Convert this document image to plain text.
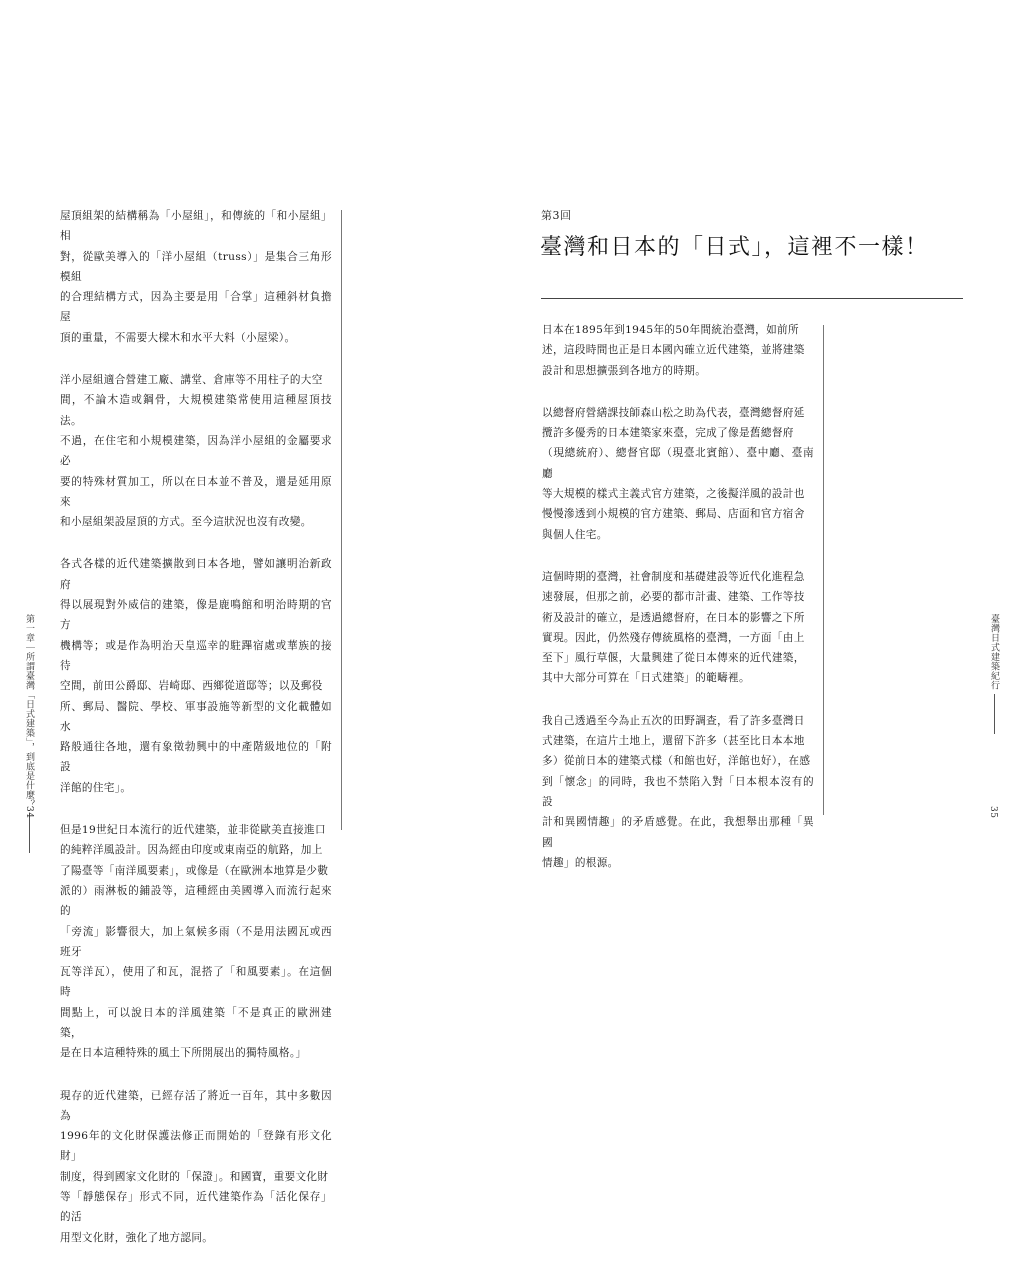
第一章｜所謂臺灣「日式建築」，到底是什麼？
34

屋頂組架的結構稱為「小屋組」，和傳統的「和小屋組」相
對，從歐美導入的「洋小屋組（truss）」是集合三角形模組
的合理結構方式，因為主要是用「合掌」這種斜材負擔屋
頂的重量，不需要大樑木和水平大料（小屋梁）。

洋小屋組適合營建工廠、講堂、倉庫等不用柱子的大空
間，不論木造或鋼骨，大規模建築常使用這種屋頂技法。
不過，在住宅和小規模建築，因為洋小屋組的金屬要求必
要的特殊材質加工，所以在日本並不普及，還是延用原來
和小屋組架設屋頂的方式。至今這狀況也沒有改變。

各式各樣的近代建築擴散到日本各地，譬如讓明治新政府
得以展現對外威信的建築，像是鹿鳴館和明治時期的官方
機構等；或是作為明治天皇巡幸的駐蹕宿處或華族的接待
空間，前田公爵邸、岩崎邸、西鄉從道邸等；以及郵役
所、郵局、醫院、學校、軍事設施等新型的文化載體如水
路般通往各地，還有象徵勃興中的中產階級地位的「附設
洋館的住宅」。

但是19世紀日本流行的近代建築，並非從歐美直接進口
的純粹洋風設計。因為經由印度或東南亞的航路，加上
了陽臺等「南洋風要素」，或像是（在歐洲本地算是少數
派的）雨淋板的鋪設等，這種經由美國導入而流行起來的
「旁流」影響很大，加上氣候多雨（不是用法國瓦或西班牙
瓦等洋瓦），使用了和瓦，混搭了「和風要素」。在這個時
間點上，可以說日本的洋風建築「不是真正的歐洲建築，
是在日本這種特殊的風土下所開展出的獨特風格。」

現存的近代建築，已經存活了將近一百年，其中多數因為
1996年的文化財保護法修正而開始的「登錄有形文化財」
制度，得到國家文化財的「保證」。和國寶，重要文化財
等「靜態保存」形式不同，近代建築作為「活化保存」的活
用型文化財，強化了地方認同。

第3回
臺灣和日本的「日式」，這裡不一樣！

日本在1895年到1945年的50年間統治臺灣，如前所
述，這段時間也正是日本國內確立近代建築，並將建築
設計和思想擴張到各地方的時期。

以總督府營繕課技師森山松之助為代表，臺灣總督府延
攬許多優秀的日本建築家來臺，完成了像是舊總督府
（現總統府）、總督官邸（現臺北賓館）、臺中廳、臺南廳
等大規模的樣式主義式官方建築，之後擬洋風的設計也
慢慢滲透到小規模的官方建築、郵局、店面和官方宿舍
與個人住宅。

這個時期的臺灣，社會制度和基礎建設等近代化進程急
速發展，但那之前，必要的都市計畫、建築、工作等技
術及設計的確立，是透過總督府，在日本的影響之下所
實現。因此，仍然殘存傳統風格的臺灣，一方面「由上
至下」風行草偃，大量興建了從日本傳來的近代建築，
其中大部分可算在「日式建築」的範疇裡。

我自己透過至今為止五次的田野調查，看了許多臺灣日
式建築，在這片土地上，還留下許多（甚至比日本本地
多）從前日本的建築式樣（和館也好，洋館也好），在感
到「懷念」的同時，我也不禁陷入對「日本根本沒有的設
計和異國情趣」的矛盾感覺。在此，我想舉出那種「異國
情趣」的根源。

臺灣日式建築紀行
35
